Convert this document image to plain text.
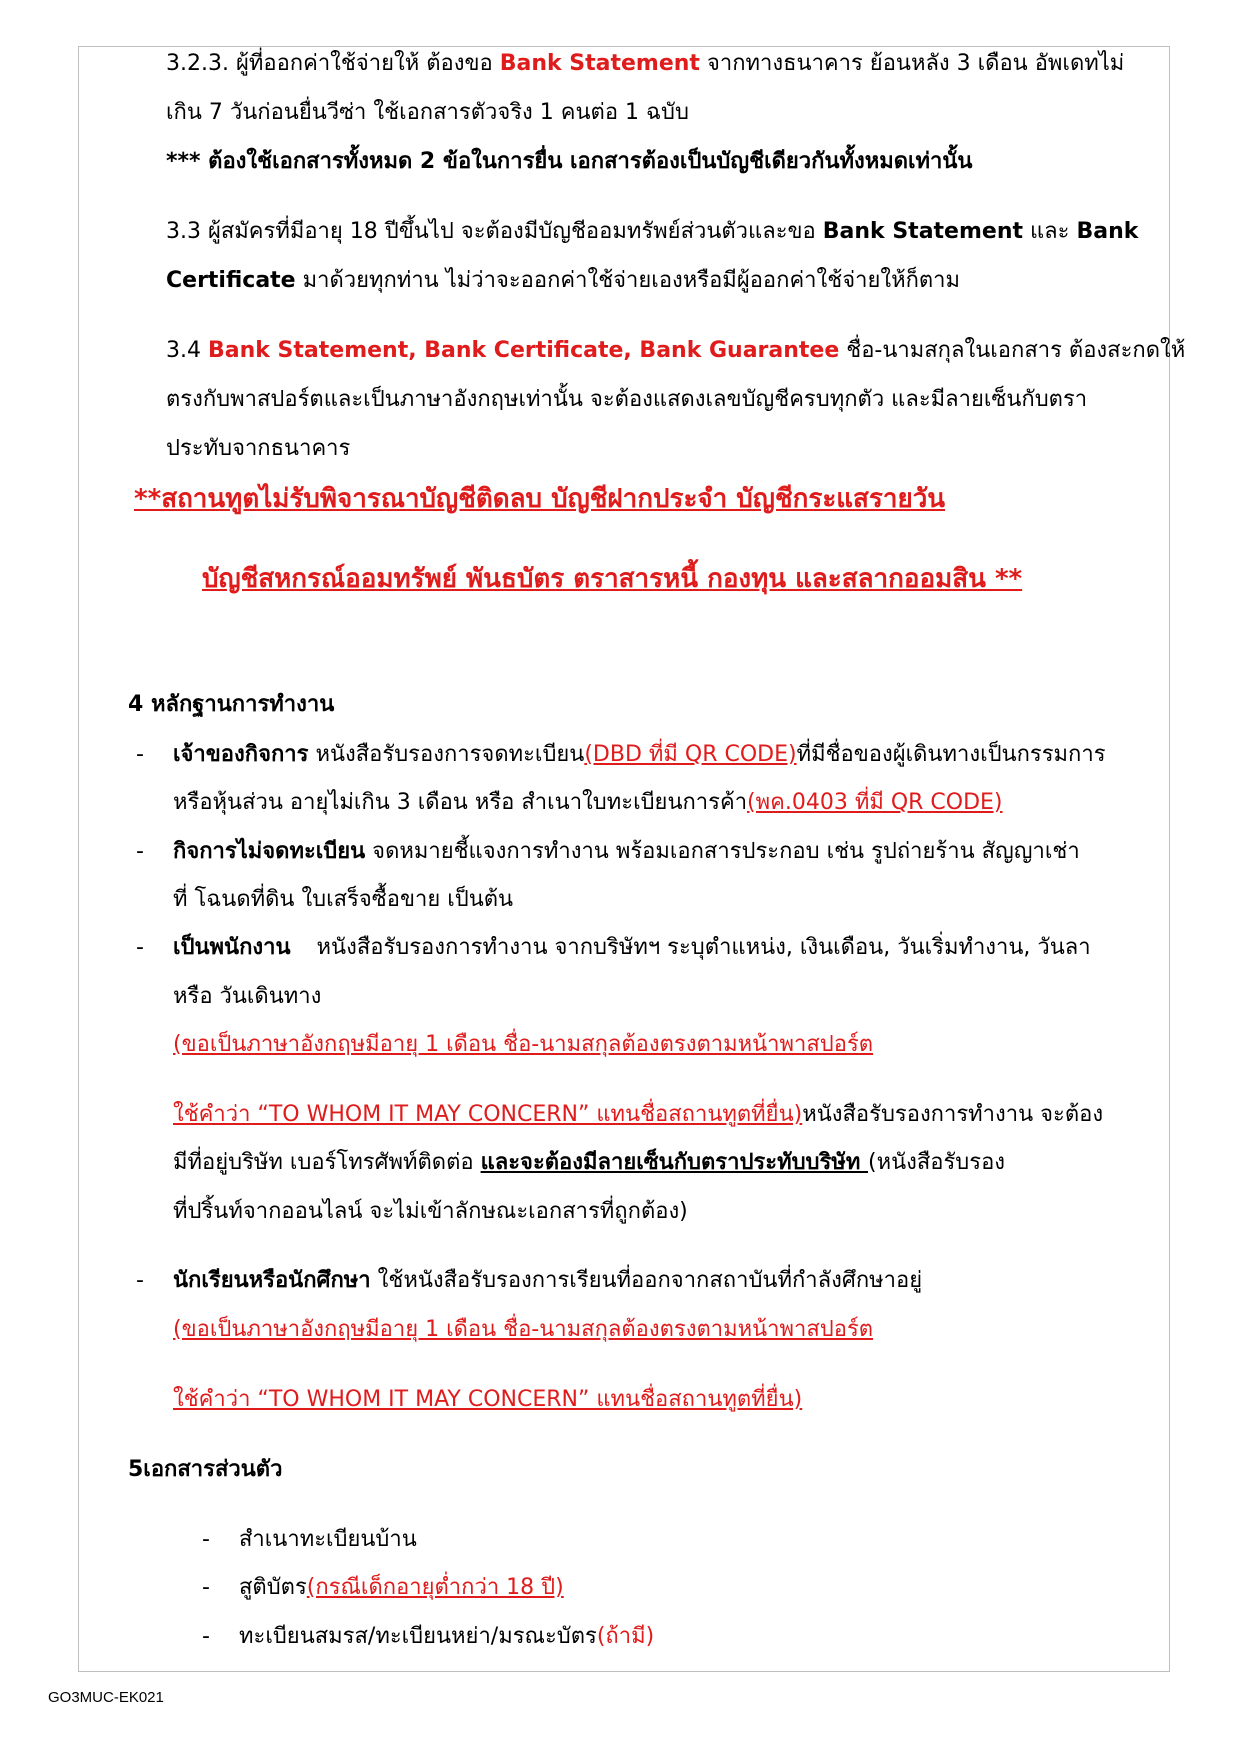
3.2.3. ผู้ที่ออกค่าใช้จ่ายให้ ต้องขอ Bank Statement จากทางธนาคาร ย้อนหลัง 3 เดือน อัพเดทไม่
เกิน 7 วันก่อนยื่นวีซ่า ใช้เอกสารตัวจริง 1 คนต่อ 1 ฉบับ
*** ต้องใช้เอกสารทั้งหมด 2 ข้อในการยื่น เอกสารต้องเป็นบัญชีเดียวกันทั้งหมดเท่านั้น
3.3 ผู้สมัครที่มีอายุ 18 ปีขึ้นไป จะต้องมีบัญชีออมทรัพย์ส่วนตัวและขอ Bank Statement และ Bank
Certificate มาด้วยทุกท่าน ไม่ว่าจะออกค่าใช้จ่ายเองหรือมีผู้ออกค่าใช้จ่ายให้ก็ตาม
3.4 Bank Statement, Bank Certificate, Bank Guarantee ชื่อ-นามสกุลในเอกสาร ต้องสะกดให้
ตรงกับพาสปอร์ตและเป็นภาษาอังกฤษเท่านั้น จะต้องแสดงเลขบัญชีครบทุกตัว และมีลายเซ็นกับตรา
ประทับจากธนาคาร
**สถานทูตไม่รับพิจารณาบัญชีติดลบ บัญชีฝากประจำ บัญชีกระแสรายวัน
บัญชีสหกรณ์ออมทรัพย์ พันธบัตร ตราสารหนี้ กองทุน และสลากออมสิน **
4 หลักฐานการทำงาน
- เจ้าของกิจการ หนังสือรับรองการจดทะเบียน(DBD ที่มี QR CODE)ที่มีชื่อของผู้เดินทางเป็นกรรมการ
หรือหุ้นส่วน อายุไม่เกิน 3 เดือน หรือ สำเนาใบทะเบียนการค้า(พค.0403 ที่มี QR CODE)
- กิจการไม่จดทะเบียน จดหมายชี้แจงการทำงาน พร้อมเอกสารประกอบ เช่น รูปถ่ายร้าน สัญญาเช่า
ที่ โฉนดที่ดิน ใบเสร็จซื้อขาย เป็นต้น
- เป็นพนักงาน หนังสือรับรองการทำงาน จากบริษัทฯ ระบุตำแหน่ง, เงินเดือน, วันเริ่มทำงาน, วันลา
หรือ วันเดินทาง
(ขอเป็นภาษาอังกฤษมีอายุ 1 เดือน ชื่อ-นามสกุลต้องตรงตามหน้าพาสปอร์ต
ใช้คำว่า “TO WHOM IT MAY CONCERN” แทนชื่อสถานทูตที่ยื่น)หนังสือรับรองการทำงาน จะต้อง
มีที่อยู่บริษัท เบอร์โทรศัพท์ติดต่อ และจะต้องมีลายเซ็นกับตราประทับบริษัท (หนังสือรับรอง
ที่ปริ้นท์จากออนไลน์ จะไม่เข้าลักษณะเอกสารที่ถูกต้อง)
- นักเรียนหรือนักศึกษา ใช้หนังสือรับรองการเรียนที่ออกจากสถาบันที่กำลังศึกษาอยู่
(ขอเป็นภาษาอังกฤษมีอายุ 1 เดือน ชื่อ-นามสกุลต้องตรงตามหน้าพาสปอร์ต
ใช้คำว่า “TO WHOM IT MAY CONCERN” แทนชื่อสถานทูตที่ยื่น)
5เอกสารส่วนตัว
- สำเนาทะเบียนบ้าน
- สูติบัตร(กรณีเด็กอายุต่ำกว่า 18 ปี)
- ทะเบียนสมรส/ทะเบียนหย่า/มรณะบัตร(ถ้ามี)
GO3MUC-EK021
